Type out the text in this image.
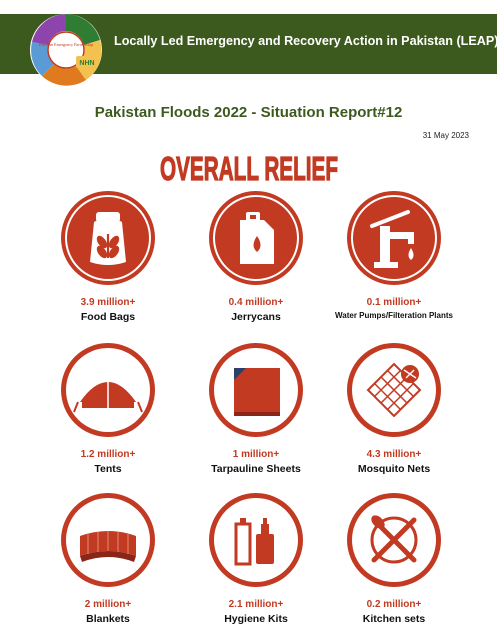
Pakistan Emergency Partnership
NHN
Locally Led Emergency and Recovery Action in Pakistan (LEAP)
Pakistan Floods 2022 - Situation Report#12
31 May 2023
OVERALL RELIEF
3.9 million+
Food Bags
0.4 million+
Jerrycans
0.1 million+
Water Pumps/Filteration Plants
1.2 million+
Tents
1 million+
Tarpauline Sheets
4.3 million+
Mosquito Nets
2 million+
Blankets
2.1 million+
Hygiene Kits
0.2 million+
Kitchen sets
